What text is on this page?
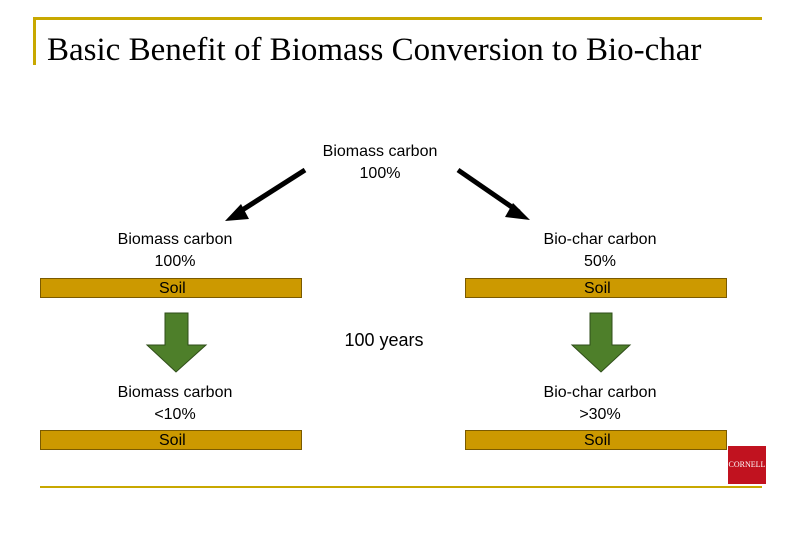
Basic Benefit of Biomass Conversion to Bio-char
Biomass carbon
100%
Biomass carbon
100%
Soil
Bio-char carbon
50%
Soil
100 years
Biomass carbon
<10%
Soil
Bio-char carbon
>30%
Soil
CORNELL
